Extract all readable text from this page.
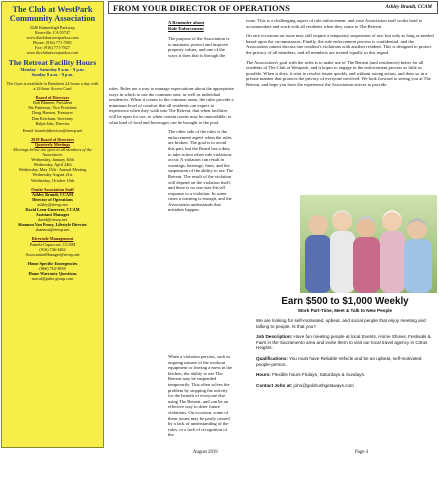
The Club at WestPark Community Association
3240 Kamerleigh Parkway,
Roseville, CA 95747
www.theclubatwestparkca.com
Phone: (916) 771-7801
Fax: (916) 771-7827
www.theclubatwestparkca.com
The Retreat Facility Hours
Monday - Saturday 8 a.m. - 9 p.m.
Sunday 8 a.m. - 9 p.m.
The Gym is available to Residents 24 hours a day with a 24-hour Access Card
Board of Directors
Bob Blumen, President
Pat Patterson, Vice President
Doug Hansen, Treasurer
Dan Ketchum, Secretary
Ralph Jahr, Director
Email: boardofdirectors@rtewp.net
2019 Board of Directors
Quarterly Meetings
Meetings below are open to all members of the Association.
Wednesday, January 30th
Wednesday, April 24th
Wednesday, May 15th - Annual Meeting
Wednesday August 21st
Wednesday, October 16th
Onsite Association Staff
Ashley Brandt, CCAM
Director of Operations
ashley@rtewp.net
David Leon-Guerrero, CCAM
Assistant Manager
david@rtewp.net
Shannon Van Prony, Lifestyle Director
shannon@rtewp.net
Riverside Management
Pamela Capuccori, CCAM
(916) 746-3462
AssociationManager@rtewp.net
Home Specific Emergencies
(866) 762-5858
Home Warranty Questions
norcal@pulte.group.com
FROM YOUR DIRECTOR OF OPERATIONS	Ashley Brandt, CCAM
A Reminder about
Rule Enforcement
The purpose of the Association is to maintain, protect and improve property values, and one of the ways it does that is through the

rules. Rules are a way to manage expectations about the appropriate ways in which to use the common area, as well as individual residences. When it comes to the common areas, the rules provide a minimum level of comfort that all residents can expect to experience when they walk into The Retreat, that when facilities will be open for use, to when certain rooms may be unavailable, to what kind of food and beverages can be brought to the pool.

The other side of the rules is the enforcement aspect when the rules are broken. The goal is to avoid this part, but the Board has a duty to take action when rule violations occur. A violation can result in warnings, hearings, fines, and the suspension of the ability to use The Retreat. The result of the violation will depend on the violation itself, and there is no one-size-fits-all response to a violation. In some cases a warning is enough, and the Association understands that mistakes happen.

When a violation persists, such as ongoing misuse of the workout equipment or leaving a mess in the kitchen, the ability to use The Retreat may be suspended temporarily. This often solves the problem by stopping the activity for the benefit of everyone else using The Retreat, and can be an effective way to deter future violations. On occasion, some of these issues may be partly caused by a lack of understanding of the rules, or a lack of recognition of the

issue. This is a challenging aspect of rule enforcement, and your Association staff works hard to accommodate and work with all residents when they come to The Retreat.

On rare occasions an issue may still require a temporary suspension of use, but only as long as needed based upon the circumstances. Finally, the rule enforcement process is confidential, and the Association cannot discuss one resident's violations with another resident. This is designed to protect the privacy of all members, and all members are treated equally in this regard.

The Association's goal with the rules is to make use of The Retreat (and residences) better for all residents of The Club at Westpark, and it hopes to engage in the enforcement process as little as possible. When it does, it tries to resolve issues quickly and without strong action, and does so in a private manner that protects the privacy of everyone involved. We look forward to seeing you at The Retreat, and hope you have the experience the Association strives to provide.

Earn $500 to $1,000 Weekly
Work Part-Time, Meet & Talk to New People
We are looking for self-motivated, upbeat, and social people that enjoy meeting and talking to people. Is that you?
Job Description: Have fun meeting people at local Events, Home Shows, Festivals & Fairs in the Sacramento area and invite them to visit our local travel agency in Citrus Heights.
Qualifications: You must have Reliable Vehicle and be an upbeat, self-motivated people-person.
Hours: Flexible hours Fridays, Saturdays & Sundays.
Contact John at: john@goldrushgetaways.com
August 2019	Page 4
